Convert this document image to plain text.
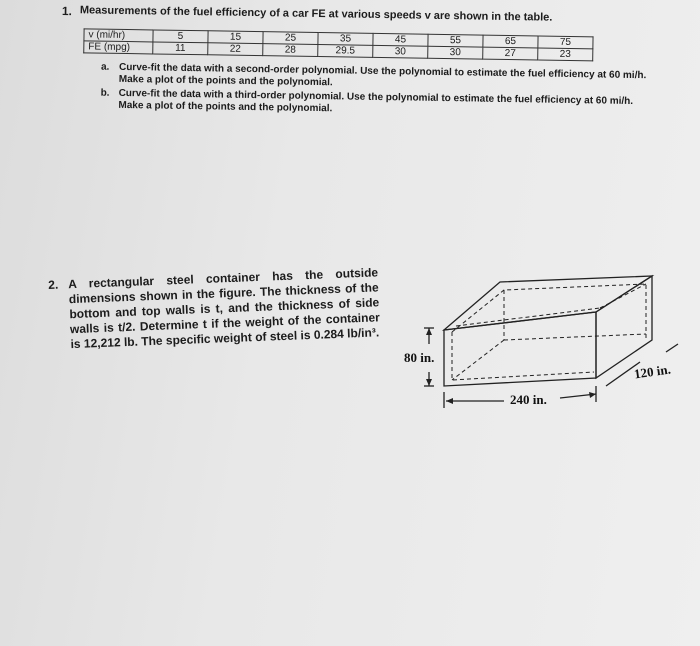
1. Measurements of the fuel efficiency of a car FE at various speeds v are shown in the table.
v (mi/hr)	5	15	25	35	45	55	65	75
FE (mpg)	11	22	28	29.5	30	30	27	23
a. Curve-fit the data with a second-order polynomial. Use the polynomial to estimate the fuel efficiency at 60 mi/h. Make a plot of the points and the polynomial.
b. Curve-fit the data with a third-order polynomial. Use the polynomial to estimate the fuel efficiency at 60 mi/h. Make a plot of the points and the polynomial.
2. A rectangular steel container has the outside dimensions shown in the figure. The thickness of the bottom and top walls is t, and the thickness of side walls is t/2. Determine t if the weight of the container is 12,212 lb. The specific weight of steel is 0.284 lb/in³.
80 in.
240 in.
120 in.
